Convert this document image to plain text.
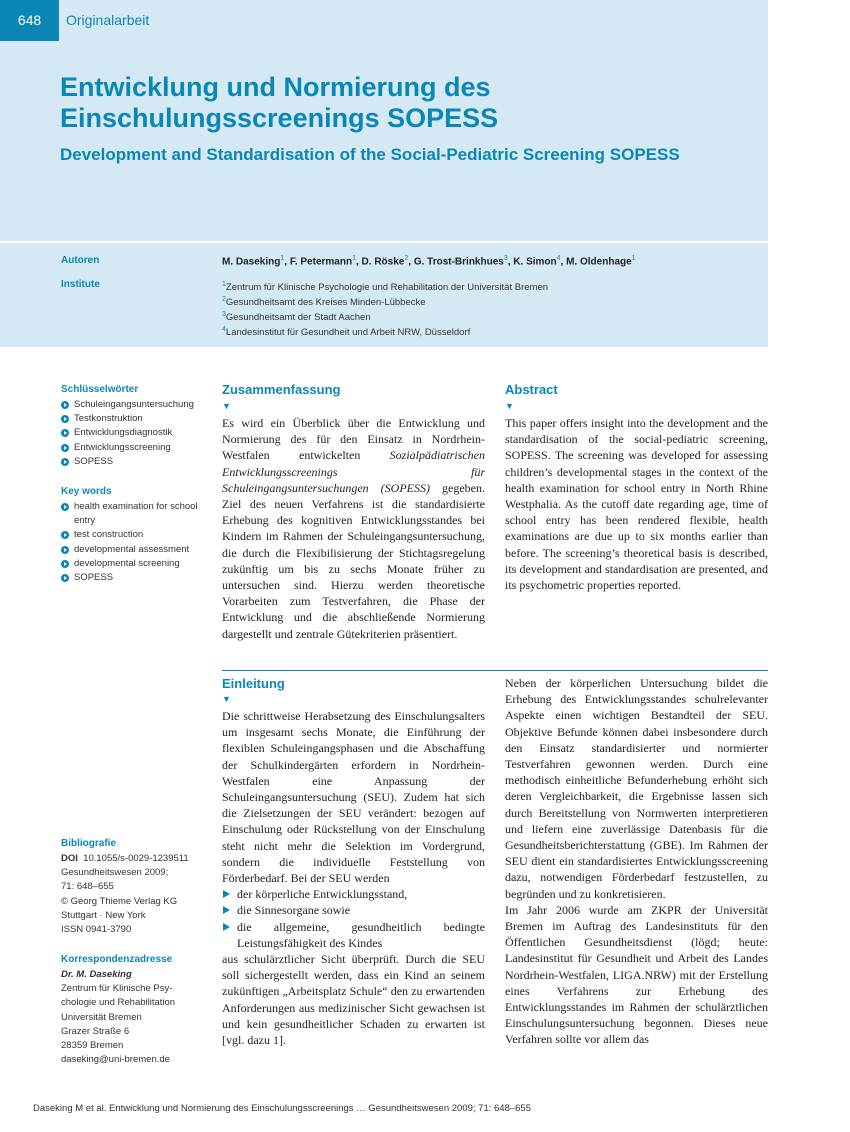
648	Originalarbeit
Entwicklung und Normierung des
Einschulungsscreenings SOPESS
Development and Standardisation of the Social-Pediatric Screening SOPESS
Autoren
Institute
M. Daseking$^1$, F. Petermann$^1$, D. Röske$^2$, G. Trost-Brinkhues$^3$, K. Simon$^4$, M. Oldenhage$^1$
$^1$Zentrum für Klinische Psychologie und Rehabilitation der Universität Bremen
$^2$Gesundheitsamt des Kreises Minden-Lübbecke
$^3$Gesundheitsamt der Stadt Aachen
$^4$Landesinstitut für Gesundheit und Arbeit NRW, Düsseldorf
Schlüsselwörter
Schuleingangsuntersuchung
Testkonstruktion
Entwicklungsdiagnostik
Entwicklungsscreening
SOPESS
Key words
health examination for school entry
test construction
developmental assessment
developmental screening
SOPESS
Bibliografie
DOI 10.1055/s-0029-1239511
Gesundheitswesen 2009;
71: 648–655
© Georg Thieme Verlag KG
Stuttgart · New York
ISSN 0941-3790
Korrespondenzadresse
Dr. M. Daseking
Zentrum für Klinische Psy-
chologie und Rehabilitation
Universität Bremen
Grazer Straße 6
28359 Bremen
daseking@uni-bremen.de
Zusammenfassung
▼

Es wird ein Überblick über die Entwicklung und Normierung des für den Einsatz in Nordrhein-Westfalen entwickelten Sozialpädiatrischen Entwicklungsscreenings für Schuleingangsuntersuchungen (SOPESS) gegeben. Ziel des neuen Verfahrens ist die standardisierte Erhebung des kognitiven Entwicklungsstandes bei Kindern im Rahmen der Schuleingangsuntersuchung, die durch die Flexibilisierung der Stichtagsregelung zukünftig um bis zu sechs Monate früher zu untersuchen sind. Hierzu werden theoretische Vorarbeiten zum Testverfahren, die Phase der Entwicklung und die abschließende Normierung dargestellt und zentrale Gütekriterien präsentiert.

Abstract
▼

This paper offers insight into the development and the standardisation of the social-pediatric screening, SOPESS. The screening was developed for assessing children’s developmental stages in the context of the health examination for school entry in North Rhine Westphalia. As the cutoff date regarding age, time of school entry has been rendered flexible, health examinations are due up to six months earlier than before. The screening’s theoretical basis is described, its development and standardisation are presented, and its psychometric properties reported.

Einleitung
▼
Die schrittweise Herabsetzung des Einschulungsalters um insgesamt sechs Monate, die Einführung der flexiblen Schuleingangsphasen und die Abschaffung der Schulkindergärten erfordern in Nordrhein-Westfalen eine Anpassung der Schuleingangsuntersuchung (SEU). Zudem hat sich die Zielsetzungen der SEU verändert: bezogen auf Einschulung oder Rückstellung von der Einschulung steht nicht mehr die Selektion im Vordergrund, sondern die individuelle Feststellung von Förderbedarf. Bei der SEU werden
der körperliche Entwicklungsstand,
die Sinnesorgane sowie
die allgemeine, gesundheitlich bedingte Leistungsfähigkeit des Kindes
aus schulärztlicher Sicht überprüft. Durch die SEU soll sichergestellt werden, dass ein Kind an seinem zukünftigen „Arbeitsplatz Schule“ den zu erwartenden Anforderungen aus medizinischer Sicht gewachsen ist und kein gesundheitlicher Schaden zu erwarten ist [vgl. dazu 1].
Neben der körperlichen Untersuchung bildet die Erhebung des Entwicklungsstandes schulrelevanter Aspekte einen wichtigen Bestandteil der SEU. Objektive Befunde können dabei insbesondere durch den Einsatz standardisierter und normierter Testverfahren gewonnen werden. Durch eine methodisch einheitliche Befunderhebung erhöht sich deren Vergleichbarkeit, die Ergebnisse lassen sich durch Bereitstellung von Normwerten interpretieren und liefern eine zuverlässige Datenbasis für die Gesundheitsberichterstattung (GBE). Im Rahmen der SEU dient ein standardisiertes Entwicklungsscreening dazu, notwendigen Förderbedarf festzustellen, zu begründen und zu konkretisieren.
Im Jahr 2006 wurde am ZKPR der Universität Bremen im Auftrag des Landesinstituts für den Öffentlichen Gesundheitsdienst (lögd; heute: Landesinstitut für Gesundheit und Arbeit des Landes Nordrhein-Westfalen, LIGA.NRW) mit der Erstellung eines Verfahrens zur Erhebung des Entwicklungsstandes im Rahmen der schulärztlichen Einschulungsuntersuchung begonnen. Dieses neue Verfahren sollte vor allem das
Daseking M et al. Entwicklung und Normierung des Einschulungsscreenings … Gesundheitswesen 2009; 71: 648–655
